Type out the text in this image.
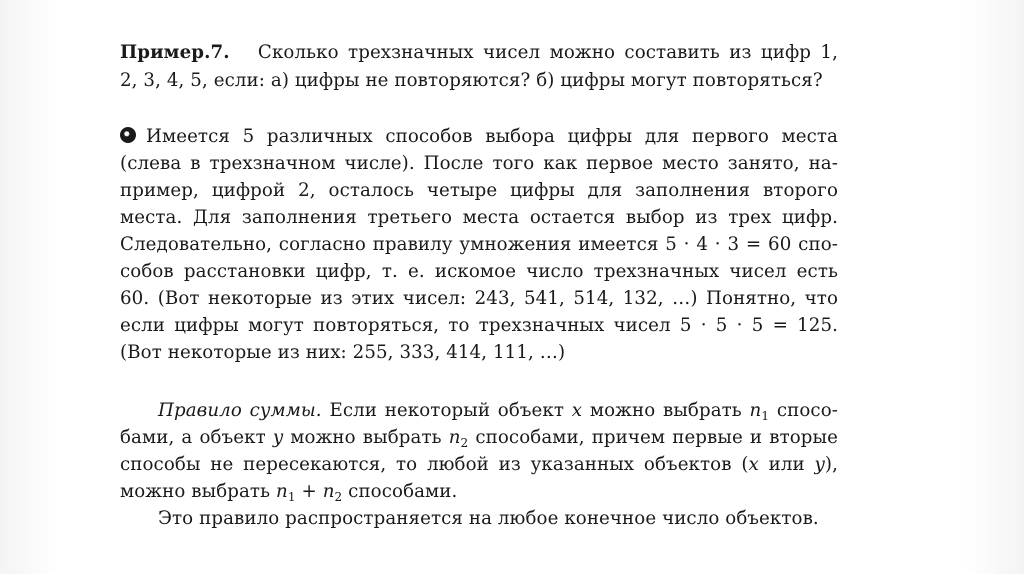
Пример.7. Сколько трехзначных чисел можно составить из цифр 1,
2, 3, 4, 5, если: а) цифры не повторяются? б) цифры могут повторяться?
Имеется 5 различных способов выбора цифры для первого места
(слева в трехзначном числе). После того как первое место занято, на-
пример, цифрой 2, осталось четыре цифры для заполнения второго
места. Для заполнения третьего места остается выбор из трех цифр.
Следовательно, согласно правилу умножения имеется 5 · 4 · 3 = 60 спо-
собов расстановки цифр, т. е. искомое число трехзначных чисел есть
60. (Вот некоторые из этих чисел: 243, 541, 514, 132, …) Понятно, что
если цифры могут повторяться, то трехзначных чисел 5 · 5 · 5 = 125.
(Вот некоторые из них: 255, 333, 414, 111, …)
Правило суммы. Если некоторый объект x можно выбрать $n_1$ спосо-
бами, а объект y можно выбрать $n_2$ способами, причем первые и вторые
способы не пересекаются, то любой из указанных объектов (x или y),
можно выбрать $n_1 + n_2$ способами.
Это правило распространяется на любое конечное число объектов.
